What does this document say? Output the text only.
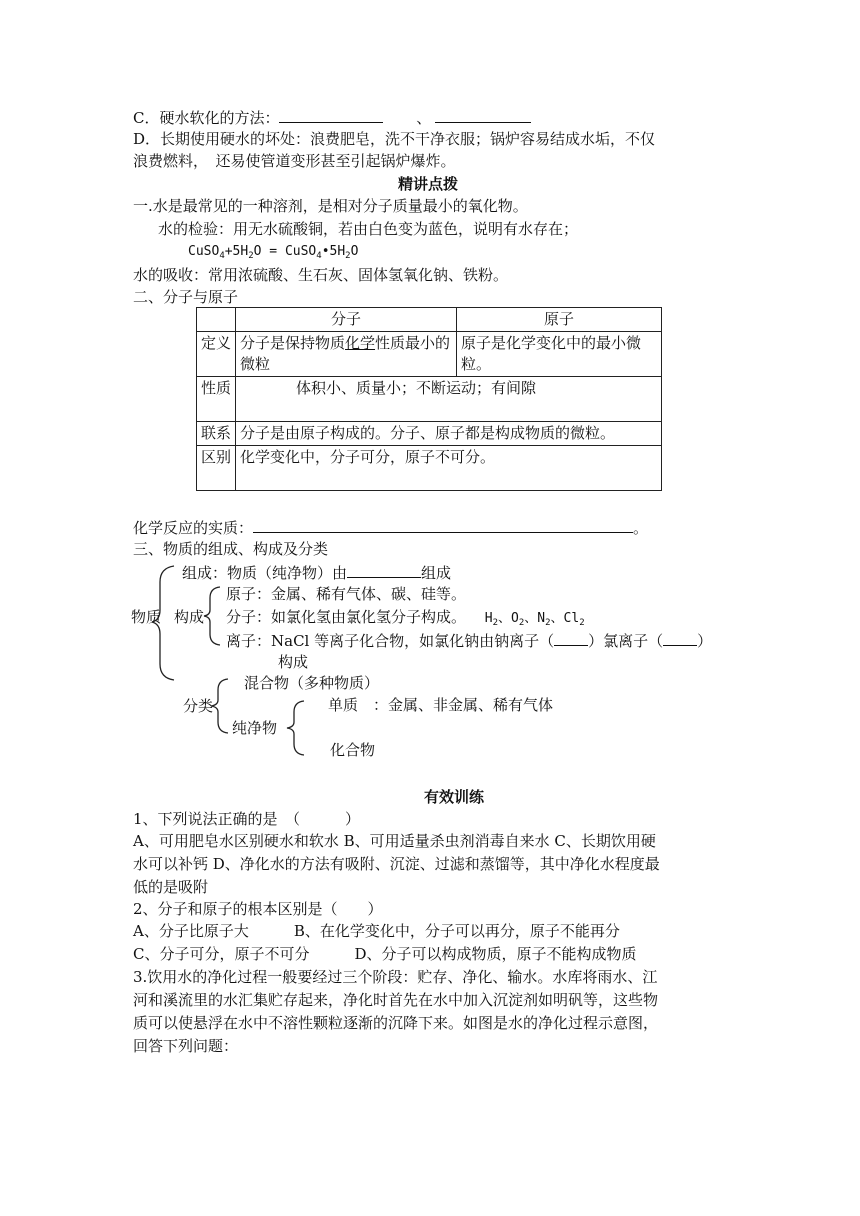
C．硬水软化的方法：	、
D．长期使用硬水的坏处：浪费肥皂，洗不干净衣服；锅炉容易结成水垢，不仅
浪费燃料，　还易使管道变形甚至引起锅炉爆炸。
精讲点拨
一.水是最常见的一种溶剂，是相对分子质量最小的氧化物。
水的检验：用无水硫酸铜，若由白色变为蓝色，说明有水存在；
$CuSO_4+5H_2O$ = $CuSO_4•5H_2O$
水的吸收：常用浓硫酸、生石灰、固体氢氧化钠、铁粉。
二、分子与原子
	分子	原子
定义	分子是保持物质化学性质最小的微粒	原子是化学变化中的最小微粒。
性质	体积小、质量小；不断运动；有间隙	
联系	分子是由原子构成的。分子、原子都是构成物质的微粒。	
区别	化学变化中，分子可分，原子不可分。	
化学反应的实质：	。
三、物质的组成、构成及分类
组成：物质（纯净物）由	组成
物质 构成
原子：金属、稀有气体、碳、硅等。
分子：如氯化氢由氯化氢分子构成。 $H_2$、$O_2$、$N_2$、$Cl_2$
离子：NaCl 等离子化合物，如氯化钠由钠离子（ ）氯离子（ ）
构成
分类
混合物（多种物质）
纯净物
单质　：金属、非金属、稀有气体
化合物
有效训练
1、下列说法正确的是　（　　　）
A、可用肥皂水区别硬水和软水 B、可用适量杀虫剂消毒自来水 C、长期饮用硬
水可以补钙 D、净化水的方法有吸附、沉淀、过滤和蒸馏等，其中净化水程度最
低的是吸附
2、分子和原子的根本区别是（　　）
A、分子比原子大　　　B、在化学变化中，分子可以再分，原子不能再分
C、分子可分，原子不可分　　　D、分子可以构成物质，原子不能构成物质
3.饮用水的净化过程一般要经过三个阶段：贮存、净化、输水。水库将雨水、江
河和溪流里的水汇集贮存起来，净化时首先在水中加入沉淀剂如明矾等，这些物
质可以使悬浮在水中不溶性颗粒逐渐的沉降下来。如图是水的净化过程示意图，
回答下列问题：
